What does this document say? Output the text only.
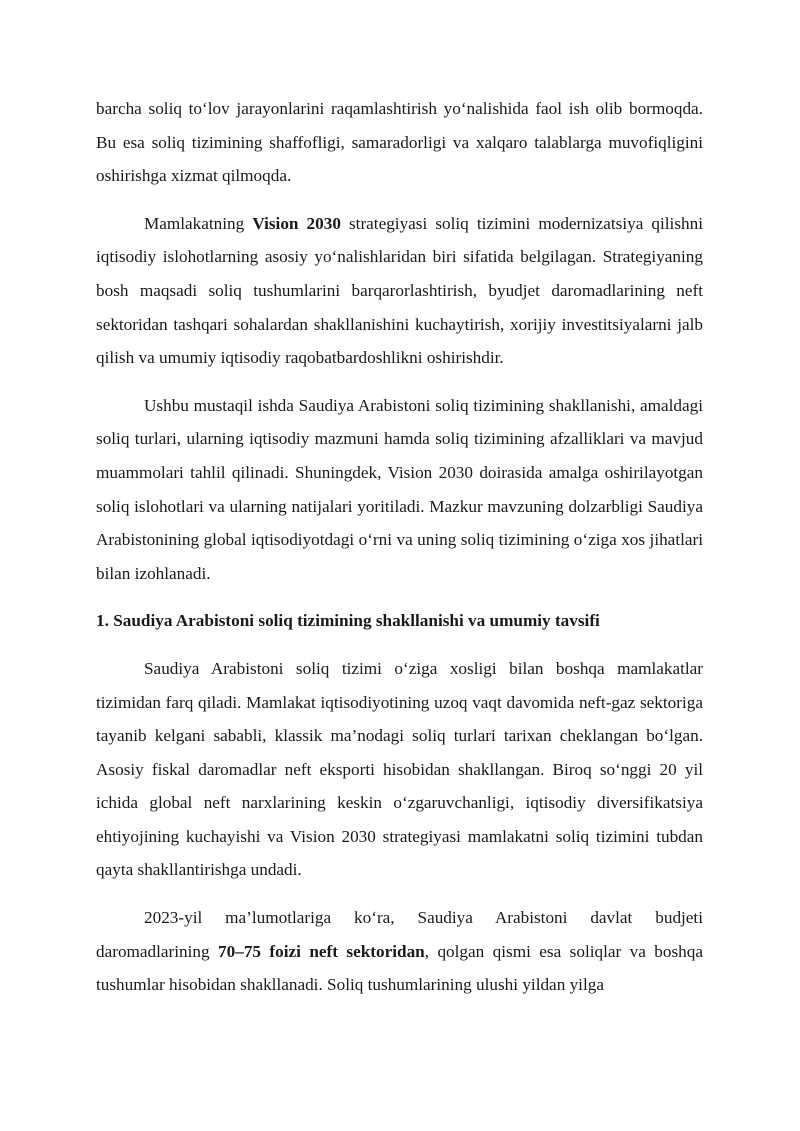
barcha soliq toʻlov jarayonlarini raqamlashtirish yoʻnalishida faol ish olib bormoqda. Bu esa soliq tizimining shaffofligi, samaradorligi va xalqaro talablarga muvofiqligini oshirishga xizmat qilmoqda.

Mamlakatning Vision 2030 strategiyasi soliq tizimini modernizatsiya qilishni iqtisodiy islohotlarning asosiy yoʻnalishlaridan biri sifatida belgilagan. Strategiyaning bosh maqsadi soliq tushumlarini barqarorlashtirish, byudjet daromadlarining neft sektoridan tashqari sohalardan shakllanishini kuchaytirish, xorijiy investitsiyalarni jalb qilish va umumiy iqtisodiy raqobatbardoshlikni oshirishdir.

Ushbu mustaqil ishda Saudiya Arabistoni soliq tizimining shakllanishi, amaldagi soliq turlari, ularning iqtisodiy mazmuni hamda soliq tizimining afzalliklari va mavjud muammolari tahlil qilinadi. Shuningdek, Vision 2030 doirasida amalga oshirilayotgan soliq islohotlari va ularning natijalari yoritiladi. Mazkur mavzuning dolzarbligi Saudiya Arabistonining global iqtisodiyotdagi oʻrni va uning soliq tizimining oʻziga xos jihatlari bilan izohlanadi.

1. Saudiya Arabistoni soliq tizimining shakllanishi va umumiy tavsifi

Saudiya Arabistoni soliq tizimi oʻziga xosligi bilan boshqa mamlakatlar tizimidan farq qiladi. Mamlakat iqtisodiyotining uzoq vaqt davomida neft-gaz sektoriga tayanib kelgani sababli, klassik ma’nodagi soliq turlari tarixan cheklangan boʻlgan. Asosiy fiskal daromadlar neft eksporti hisobidan shakllangan. Biroq soʻnggi 20 yil ichida global neft narxlarining keskin oʻzgaruvchanligi, iqtisodiy diversifikatsiya ehtiyojining kuchayishi va Vision 2030 strategiyasi mamlakatni soliq tizimini tubdan qayta shakllantirishga undadi.

2023-yil ma’lumotlariga koʻra, Saudiya Arabistoni davlat budjeti daromadlarining 70–75 foizi neft sektoridan, qolgan qismi esa soliqlar va boshqa tushumlar hisobidan shakllanadi. Soliq tushumlarining ulushi yildan yilga
